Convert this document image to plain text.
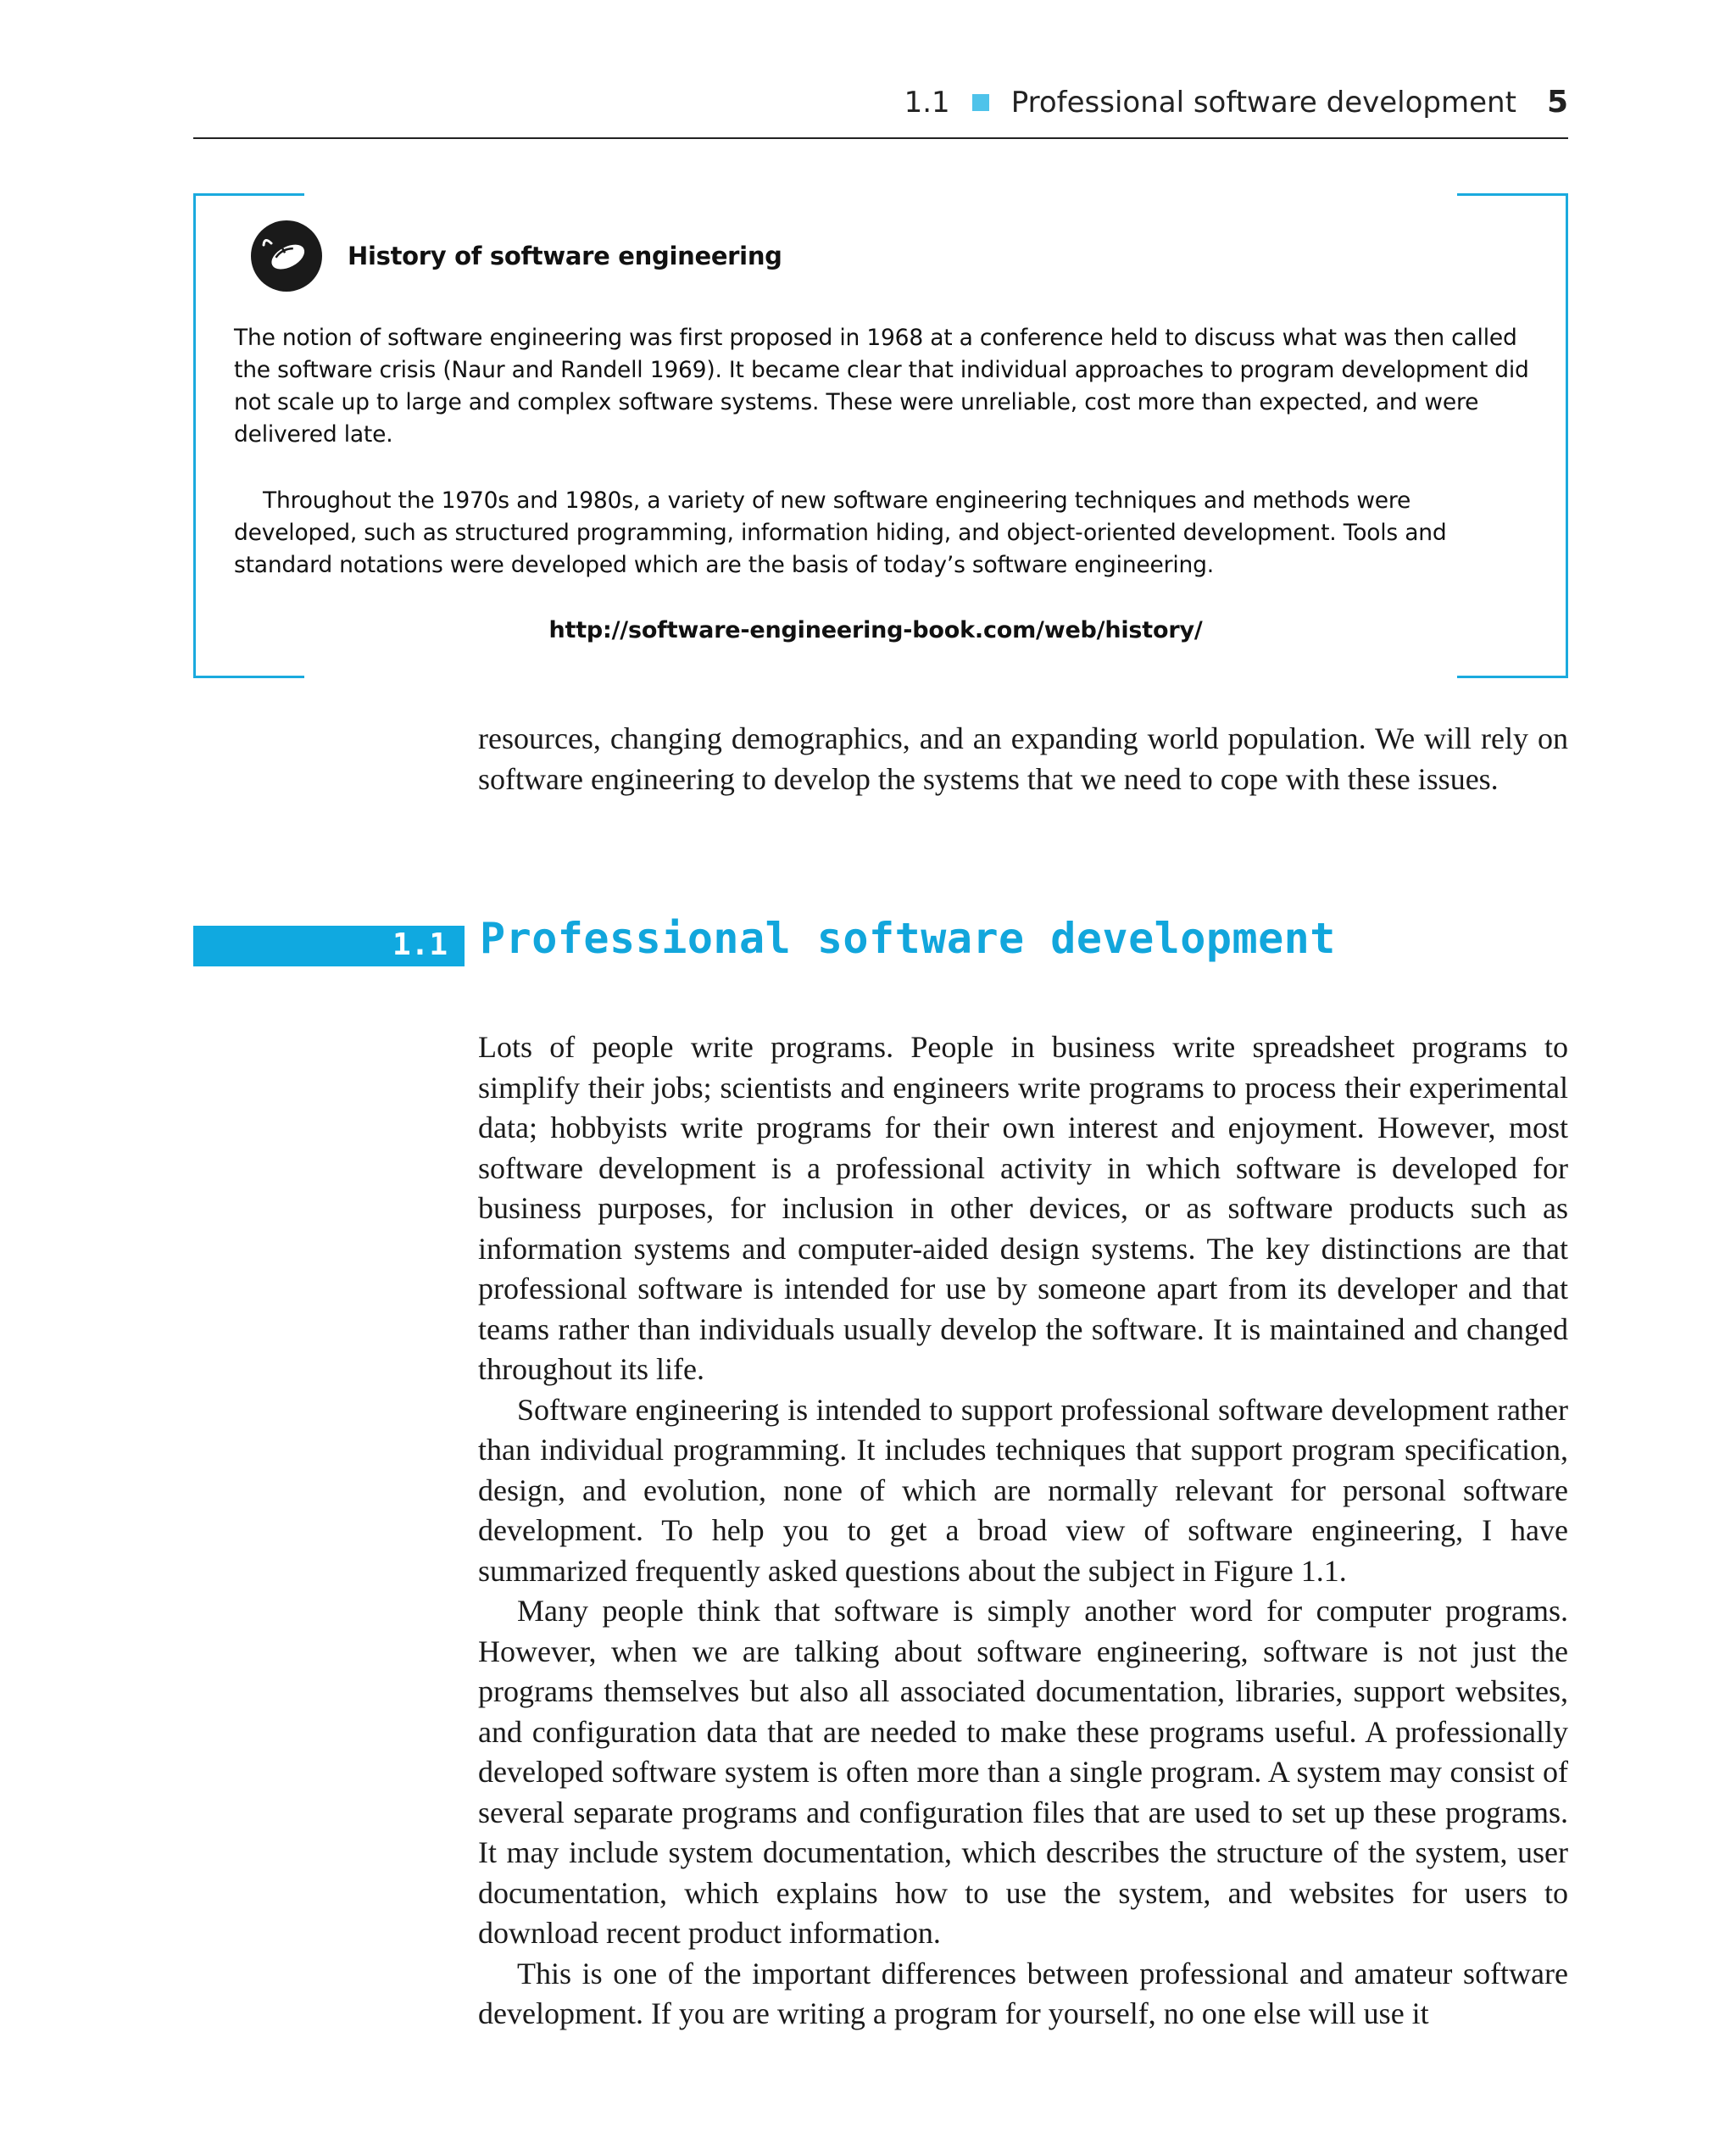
1.1 Professional software development 5
History of software engineering

The notion of software engineering was first proposed in 1968 at a conference held to discuss what was then called the software crisis (Naur and Randell 1969). It became clear that individual approaches to program development did not scale up to large and complex software systems. These were unreliable, cost more than expected, and were delivered late.

Throughout the 1970s and 1980s, a variety of new software engineering techniques and methods were developed, such as structured programming, information hiding, and object-oriented development. Tools and standard notations were developed which are the basis of today’s software engineering.

http://software-engineering-book.com/web/history/

resources, changing demographics, and an expanding world population. We will rely on software engineering to develop the systems that we need to cope with these issues.

1.1 Professional software development

Lots of people write programs. People in business write spreadsheet programs to simplify their jobs; scientists and engineers write programs to process their experimental data; hobbyists write programs for their own interest and enjoyment. However, most software development is a professional activity in which software is developed for business purposes, for inclusion in other devices, or as software products such as information systems and computer-aided design systems. The key distinctions are that professional software is intended for use by someone apart from its developer and that teams rather than individuals usually develop the software. It is maintained and changed throughout its life.

Software engineering is intended to support professional software development rather than individual programming. It includes techniques that support program specification, design, and evolution, none of which are normally relevant for personal software development. To help you to get a broad view of software engineering, I have summarized frequently asked questions about the subject in Figure 1.1.

Many people think that software is simply another word for computer programs. However, when we are talking about software engineering, software is not just the programs themselves but also all associated documentation, libraries, support websites, and configuration data that are needed to make these programs useful. A professionally developed software system is often more than a single program. A system may consist of several separate programs and configuration files that are used to set up these programs. It may include system documentation, which describes the structure of the system, user documentation, which explains how to use the system, and websites for users to download recent product information.

This is one of the important differences between professional and amateur software development. If you are writing a program for yourself, no one else will use it
